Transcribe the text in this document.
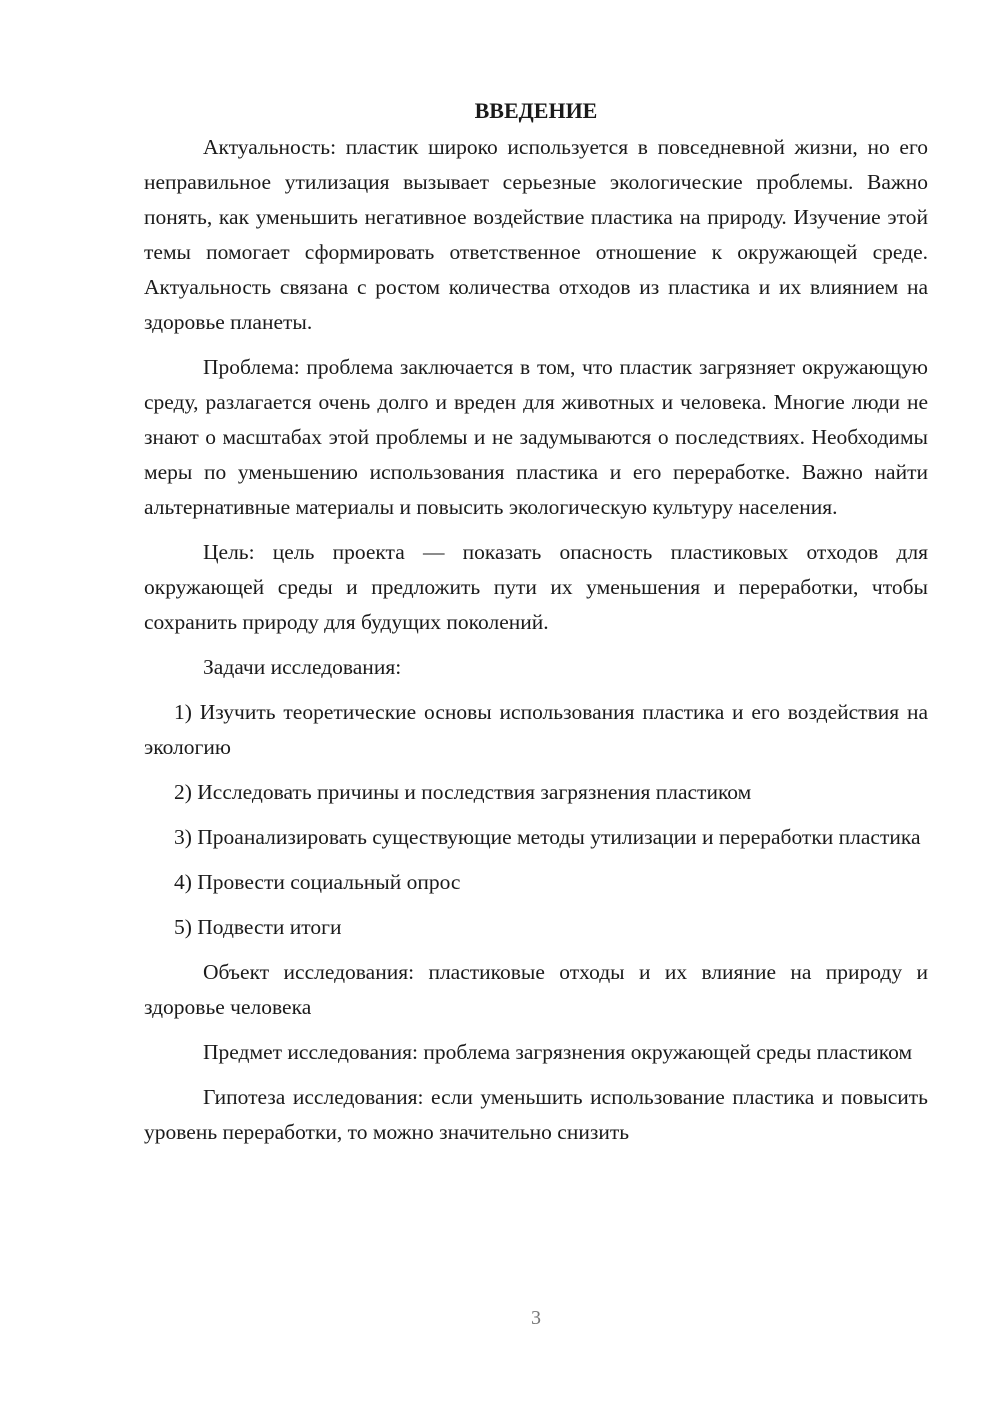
ВВЕДЕНИЕ

Актуальность: пластик широко используется в повседневной жизни, но его неправильное утилизация вызывает серьезные экологические проблемы. Важно понять, как уменьшить негативное воздействие пластика на природу. Изучение этой темы помогает сформировать ответственное отношение к окружающей среде. Актуальность связана с ростом количества отходов из пластика и их влиянием на здоровье планеты.

Проблема: проблема заключается в том, что пластик загрязняет окружающую среду, разлагается очень долго и вреден для животных и человека. Многие люди не знают о масштабах этой проблемы и не задумываются о последствиях. Необходимы меры по уменьшению использования пластика и его переработке. Важно найти альтернативные материалы и повысить экологическую культуру населения.

Цель: цель проекта — показать опасность пластиковых отходов для окружающей среды и предложить пути их уменьшения и переработки, чтобы сохранить природу для будущих поколений.

Задачи исследования:

1) Изучить теоретические основы использования пластика и его воздействия на экологию

2) Исследовать причины и последствия загрязнения пластиком

3) Проанализировать существующие методы утилизации и переработки пластика

4) Провести социальный опрос

5) Подвести итоги

Объект исследования: пластиковые отходы и их влияние на природу и здоровье человека

Предмет исследования: проблема загрязнения окружающей среды пластиком

Гипотеза исследования: если уменьшить использование пластика и повысить уровень переработки, то можно значительно снизить

3
